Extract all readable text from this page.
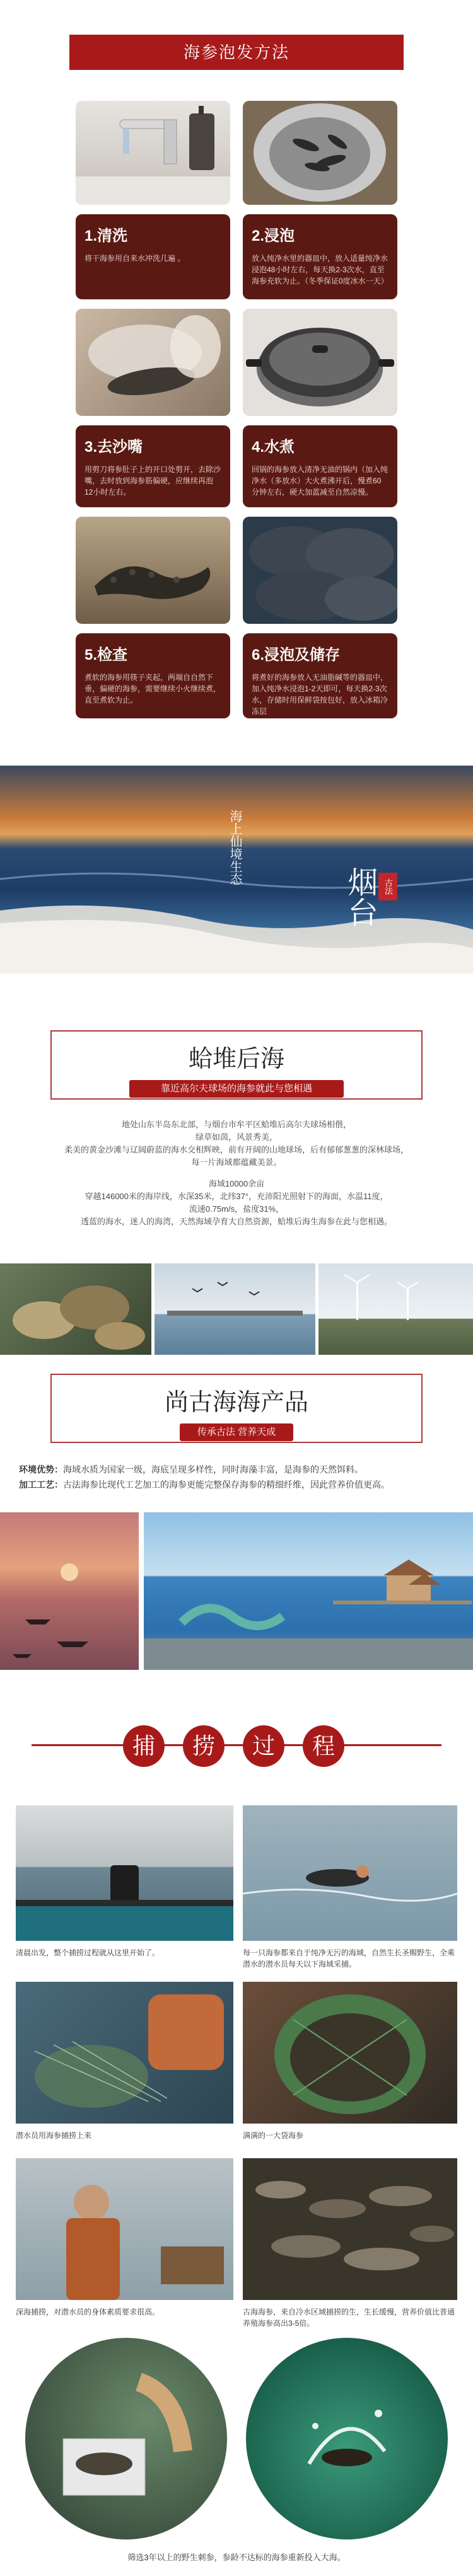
海参泡发方法
1.清洗
将干海参用自来水冲洗几遍 。
2.浸泡
放入纯净水里的器皿中，放入适量纯净水浸泡48小时左右，每天换2-3次水，直至海参充软为止。（冬季保证0度冰水一天）
3.去沙嘴
用剪刀将参肚子上的开口处剪开，去除沙嘴，去时放到海参筋偏硬，应继续再泡12小时左右。
4.水煮
回锅的海参放入清净无油的锅内（加入纯净水（多放水）大火煮沸开后，慢煮60分钟左右，硬大加蓝减至自然凉慢。
5.检查
煮软的海参用筷子夹起，两端自自然下垂，偏硬的海参，需要继续小火继续煮，直至煮软为止。
6.浸泡及储存
将煮好的海参放入无油脂碱等的器皿中，加入纯净水浸泡1-2天即可，每天换2-3次水，存储时用保鲜袋按包好，放入冰箱冷冻层
海上仙境生态
烟台 古法
蛤堆后海
靠近高尔夫球场的海参就此与您相遇
地处山东半岛东北部，与烟台市牟平区蛤堆后高尔夫球场相偎，
绿草如茵，风景秀美，
柔美的黄金沙滩与辽阔蔚蓝的海水交相辉映，前有开阔的山地球场，后有郁郁葱葱的深林球场，
每一片海域都蕴藏美景。
海域10000余亩
穿越146000米的海岸线，水深35米，北纬37°，充沛阳光照射下的海面，水温11度，
流速0.75m/s，盐度31%，
透蓝的海水，迷人的海湾，天然海域孕育大自然资源，蛤堆后海生海参在此与您相遇。
尚古海海产品
传承古法 营养天成
环境优势：海域水质为国家一级，海底呈现多样性，同时海藻丰富，是海参的天然饵料。
加工工艺：古法海参比现代工艺加工的海参更能完整保存海参的精细纤维，因此营养价值更高。
捕	捞	过	程
清晨出发，整个捕捞过程就从这里开始了。	每一只海参都来自于纯净无污的海域，自然生长圣赐野生，全乘潜水的潜水员每天以下海域采捕。
潜水员用海参捕捞上来	满满的一大袋海参
深海捕捞，对潜水员的身体素质要求很高。	古海海参，来自冷水区域捕捞的生，生长缓慢，营养价值比普通养殖海参高出3-5倍。
筛选3年以上的野生刺参，参龄不达标的海参重新投入大海。
